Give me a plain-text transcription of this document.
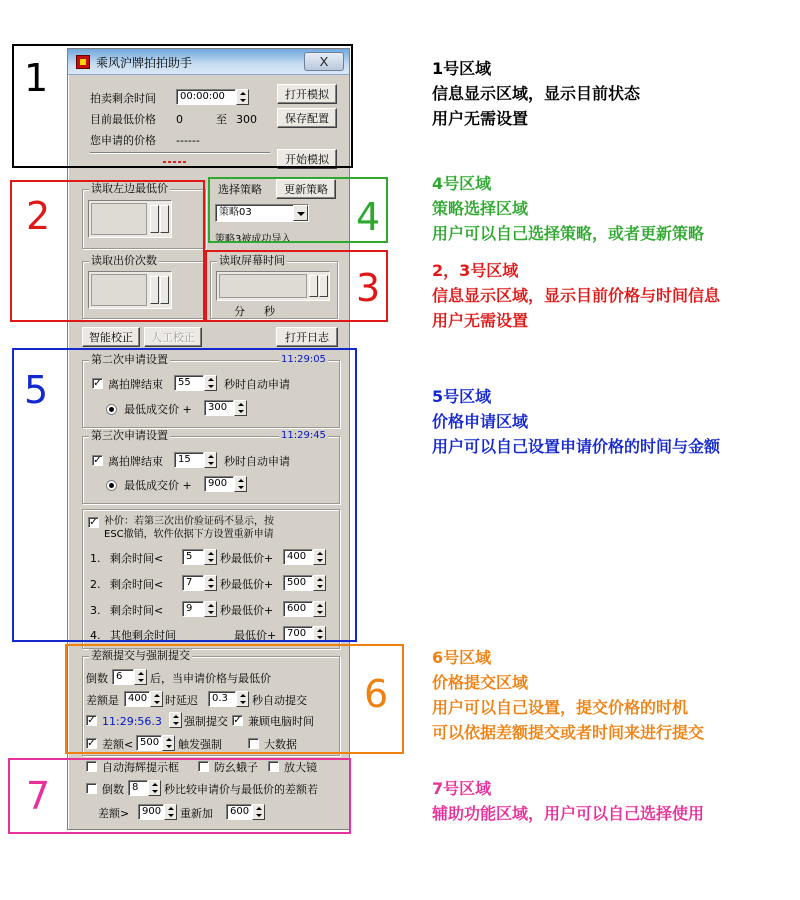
乘风沪牌拍拍助手	X
拍卖剩余时间	00:00:00	打开模拟
目前最低价格 0	至 300	保存配置
您申请的价格 ------
开始模拟
读取左边最低价
读取出价次数
选择策略	更新策略
策略03
策略3被成功导入
读取屏幕时间
分 秒
智能校正	人工校正	打开日志
第二次申请设置	11:29:05
✓ 离拍牌结束	55	秒时自动申请
最低成交价 +	300
第三次申请设置	11:29:45
✓ 离拍牌结束	15	秒时自动申请
最低成交价 +	900
✓ 补价：若第三次出价验证码不显示，按
ESC撤销，软件依据下方设置重新申请
1. 剩余时间<	5	秒最低价+	400
2. 剩余时间<	7	秒最低价+	500
3. 剩余时间<	9	秒最低价+	600
4. 其他剩余时间	最低价+	700
差额提交与强制提交
倒数 6	后，当申请价格与最低价
差额是 400 时延迟	0.3	秒自动提交
✓ 11:29:56.3 强制提交 ✓ 兼顾电脑时间
✓ 差额< 500 触发强制	大数据
自动海辉提示框	防幺蛾子 放大镜
倒数 8	秒比较申请价与最低价的差额若
差额>	900 重新加	600
1
2	4
3
5
6
7
1号区域
信息显示区域，显示目前状态
用户无需设置
4号区域
策略选择区域
用户可以自己选择策略，或者更新策略
2，3号区域
信息显示区域，显示目前价格与时间信息
用户无需设置
5号区域
价格申请区域
用户可以自己设置申请价格的时间与金额
6号区域
价格提交区域
用户可以自己设置，提交价格的时机
可以依据差额提交或者时间来进行提交
7号区域
辅助功能区域，用户可以自己选择使用
